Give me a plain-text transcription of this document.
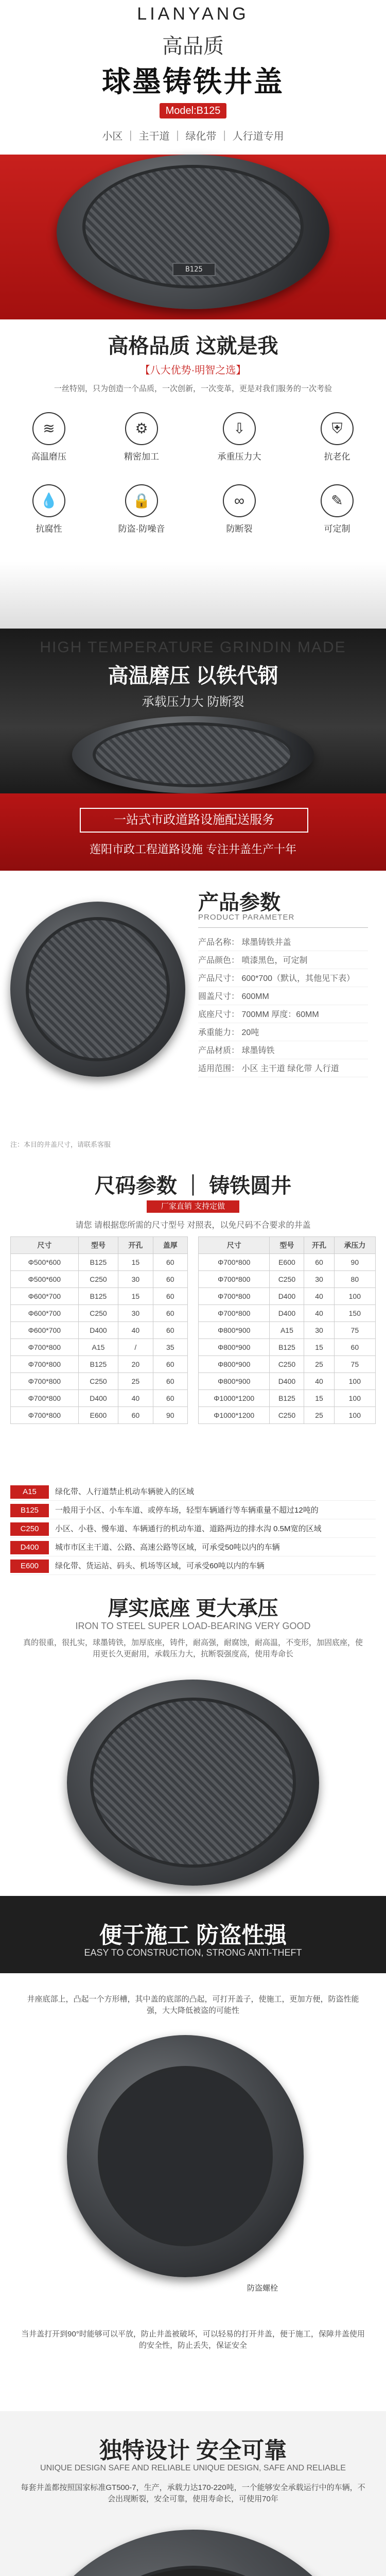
LIANYANG
高品质
球墨铸铁井盖
Model:B125
小区 ｜ 主干道 ｜ 绿化带 ｜ 人行道专用
B125
高格品质 这就是我
【八大优势·明智之选】
一丝特别，只为创造一个品质，一次创新，一次变革，更是对我们服务的一次考验
≋
高温磨压
⚙
精密加工
⇩
承重压力大
⛨
抗老化
💧
抗腐性
🔒
防盗·防噪音
∞
防断裂
✎
可定制
HIGH TEMPERATURE GRINDIN MADE
高温磨压 以铁代钢
承载压力大 防断裂
一站式市政道路设施配送服务
莲阳市政工程道路设施 专注井盖生产十年
产品参数
PRODUCT PARAMETER
产品名称： 球墨铸铁井盖
产品颜色： 喷漆黑色，可定制
产品尺寸： 600*700（默认，其他见下表）
圆盖尺寸： 600MM
底座尺寸： 700MM 厚度：60MM
承重能力： 20吨
产品材质： 球墨铸铁
适用范围： 小区 主干道 绿化带 人行道
注：本目的井盖尺寸，请联系客服
尺码参数 ｜ 铸铁圆井
厂家直销 支持定做
请您 请根据您所需的尺寸型号 对照表，以免尺码不合要求的井盖
尺寸	型号	开孔	盖厚
Φ500*600	B125	15	60
Φ500*600	C250	30	60
Φ600*700	B125	15	60
Φ600*700	C250	30	60
Φ600*700	D400	40	60
Φ700*800	A15	/	35
Φ700*800	B125	20	60
Φ700*800	C250	25	60
Φ700*800	D400	40	60
Φ700*800	E600	60	90
尺寸	型号	开孔	承压力
Φ700*800	E600	60	90
Φ700*800	C250	30	80
Φ700*800	D400	40	100
Φ700*800	D400	40	150
Φ800*900	A15	30	75
Φ800*900	B125	15	60
Φ800*900	C250	25	75
Φ800*900	D400	40	100
Φ1000*1200	B125	15	100
Φ1000*1200	C250	25	100
A15 绿化带、人行道禁止机动车辆驶入的区域
B125 一般用于小区、小车车道、或停车场，轻型车辆通行等车辆重量不超过12吨的
C250 小区、小巷、慢车道、车辆通行的机动车道、道路两边的排水沟 0.5M宽的区域
D400 城市市区主干道、公路、高速公路等区域，可承受50吨以内的车辆
E600 绿化带、货运站、码头、机场等区域，可承受60吨以内的车辆
厚实底座 更大承压
IRON TO STEEL SUPER LOAD-BEARING VERY GOOD
真的很重，很扎实，球墨铸铁，加厚底座，铸件，耐高强，耐腐蚀，耐高温，不变形，加固底座，使用更长久更耐用，承载压力大，抗断裂强度高，使用寿命长
便于施工 防盗性强
EASY TO CONSTRUCTION, STRONG ANTI-THEFT
井座底部上，凸起一个方形槽，其中盖的底部的凸起，可打开盖子，使施工，更加方便，防盗性能强，大大降低被盗的可能性
防盗螺栓
当井盖打开到90°时能够可以平放，防止井盖被破坏，可以轻易的打开井盖，便于施工，保障井盖使用的安全性，防止丢失，保证安全
独特设计 安全可靠
UNIQUE DESIGN SAFE AND RELIABLE UNIQUE DESIGN, SAFE AND RELIABLE
每套井盖都按照国家标准GT500-7，生产，承载力达170-220吨，一个能够安全承载运行中的车辆，不会出现断裂，安全可靠，使用寿命长，可使用70年
